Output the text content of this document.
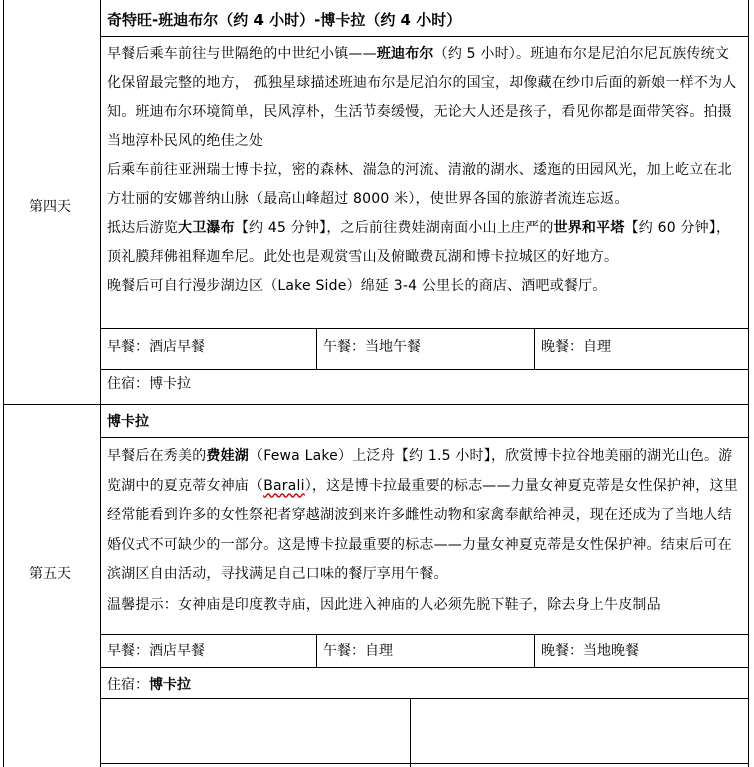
第四天
奇特旺-班迪布尔（约 4 小时）-博卡拉（约 4 小时）
早餐后乘车前往与世隔绝的中世纪小镇——班迪布尔（约 5 小时）。班迪布尔是尼泊尔尼瓦族传统文化保留最完整的地方， 孤独星球描述班迪布尔是尼泊尔的国宝，却像藏在纱巾后面的新娘一样不为人知。班迪布尔环境简单，民风淳朴，生活节奏缓慢，无论大人还是孩子，看见你都是面带笑容。拍摄当地淳朴民风的绝佳之处
后乘车前往亚洲瑞士博卡拉，密的森林、湍急的河流、清澈的湖水、逶迤的田园风光，加上屹立在北方壮丽的安娜普纳山脉（最高山峰超过 8000 米），使世界各国的旅游者流连忘返。
抵达后游览大卫瀑布【约 45 分钟】，之后前往费娃湖南面小山上庄严的世界和平塔【约 60 分钟】，顶礼膜拜佛祖释迦牟尼。此处也是观赏雪山及俯瞰费瓦湖和博卡拉城区的好地方。
晚餐后可自行漫步湖边区（Lake Side）绵延 3-4 公里长的商店、酒吧或餐厅。
早餐：酒店早餐	午餐：当地午餐	晚餐：自理
住宿：博卡拉
第五天
博卡拉
早餐后在秀美的费娃湖（Fewa Lake）上泛舟【约 1.5 小时】，欣赏博卡拉谷地美丽的湖光山色。游览湖中的夏克蒂女神庙（Barali），这是博卡拉最重要的标志——力量女神夏克蒂是女性保护神，这里经常能看到许多的女性祭祀者穿越湖波到来许多雌性动物和家禽奉献给神灵，现在还成为了当地人结婚仪式不可缺少的一部分。这是博卡拉最重要的标志——力量女神夏克蒂是女性保护神。结束后可在滨湖区自由活动，寻找满足自己口味的餐厅享用午餐。
温馨提示：女神庙是印度教寺庙，因此进入神庙的人必须先脱下鞋子，除去身上牛皮制品
早餐：酒店早餐	午餐：自理	晚餐：当地晚餐
住宿：博卡拉
